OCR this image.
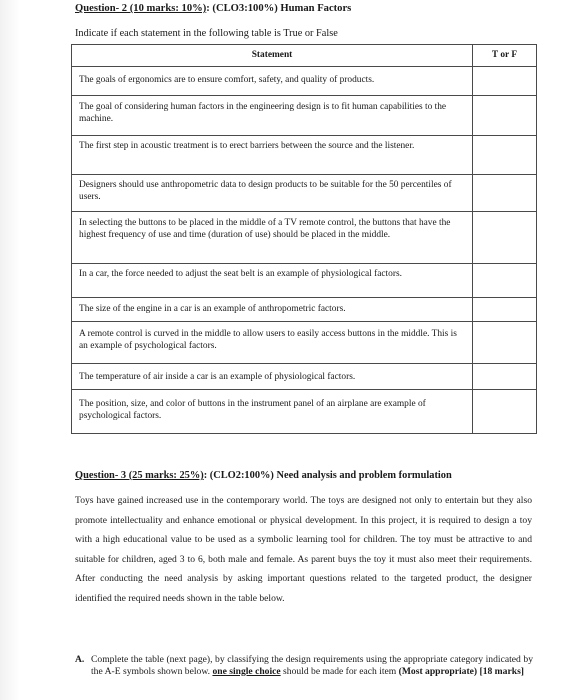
Question- 2 (10 marks: 10%): (CLO3:100%) Human Factors
Indicate if each statement in the following table is True or False
Statement	T or F
The goals of ergonomics are to ensure comfort, safety, and quality of products.	
The goal of considering human factors in the engineering design is to fit human capabilities to the machine.	
The first step in acoustic treatment is to erect barriers between the source and the listener.	
Designers should use anthropometric data to design products to be suitable for the 50 percentiles of users.	
In selecting the buttons to be placed in the middle of a TV remote control, the buttons that have the highest frequency of use and time (duration of use) should be placed in the middle.	
In a car, the force needed to adjust the seat belt is an example of physiological factors.	
The size of the engine in a car is an example of anthropometric factors.	
A remote control is curved in the middle to allow users to easily access buttons in the middle. This is an example of psychological factors.	
The temperature of air inside a car is an example of physiological factors.	
The position, size, and color of buttons in the instrument panel of an airplane are example of psychological factors.	
Question- 3 (25 marks: 25%): (CLO2:100%) Need analysis and problem formulation

Toys have gained increased use in the contemporary world. The toys are designed not only to entertain but they also promote intellectuality and enhance emotional or physical development. In this project, it is required to design a toy with a high educational value to be used as a symbolic learning tool for children. The toy must be attractive to and suitable for children, aged 3 to 6, both male and female. As parent buys the toy it must also meet their requirements. After conducting the need analysis by asking important questions related to the targeted product, the designer identified the required needs shown in the table below.

A. Complete the table (next page), by classifying the design requirements using the appropriate category indicated by the A-E symbols shown below. one single choice should be made for each item (Most appropriate) [18 marks]
